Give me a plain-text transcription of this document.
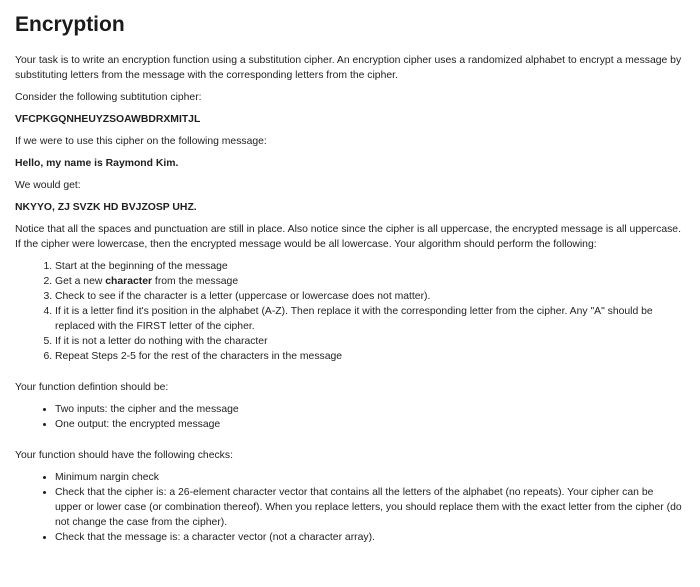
Encryption

Your task is to write an encryption function using a substitution cipher. An encryption cipher uses a randomized alphabet to encrypt a message by substituting letters from the message with the corresponding letters from the cipher.

Consider the following subtitution cipher:

VFCPKGQNHEUYZSOAWBDRXMITJL

If we were to use this cipher on the following message:

Hello, my name is Raymond Kim.

We would get:

NKYYO, ZJ SVZK HD BVJZOSP UHZ.

Notice that all the spaces and punctuation are still in place. Also notice since the cipher is all uppercase, the encrypted message is all uppercase. If the cipher were lowercase, then the encrypted message would be all lowercase. Your algorithm should perform the following:

1. Start at the beginning of the message
2. Get a new character from the message
3. Check to see if the character is a letter (uppercase or lowercase does not matter).
4. If it is a letter find it's position in the alphabet (A-Z). Then replace it with the corresponding letter from the cipher. Any "A" should be replaced with the FIRST letter of the cipher.
5. If it is not a letter do nothing with the character
6. Repeat Steps 2-5 for the rest of the characters in the message

Your function defintion should be:

• Two inputs: the cipher and the message
• One output: the encrypted message

Your function should have the following checks:

• Minimum nargin check
• Check that the cipher is: a 26-element character vector that contains all the letters of the alphabet (no repeats). Your cipher can be upper or lower case (or combination thereof). When you replace letters, you should replace them with the exact letter from the cipher (do not change the case from the cipher).
• Check that the message is: a character vector (not a character array).
